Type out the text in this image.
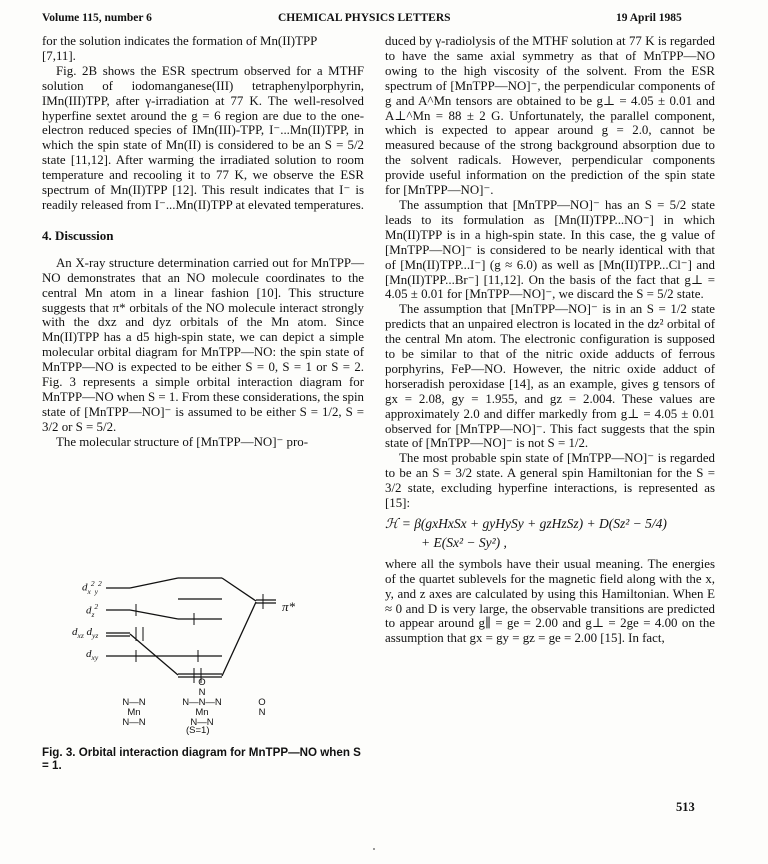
Volume 115, number 6	CHEMICAL PHYSICS LETTERS	19 April 1985

for the solution indicates the formation of Mn(II)TPP

[7,11].

Fig. 2B shows the ESR spectrum observed for a MTHF solution of iodomanganese(III) tetraphenylporphyrin, IMn(III)TPP, after γ-irradiation at 77 K. The well-resolved hyperfine sextet around the g = 6 region are due to the one-electron reduced species of IMn(III)-TPP, I⁻...Mn(II)TPP, in which the spin state of Mn(II) is considered to be an S = 5/2 state [11,12]. After warming the irradiated solution to room temperature and recooling it to 77 K, we observe the ESR spectrum of Mn(II)TPP [12]. This result indicates that I⁻ is readily released from I⁻...Mn(II)TPP at elevated temperatures.

4. Discussion

An X-ray structure determination carried out for MnTPP—NO demonstrates that an NO molecule coordinates to the central Mn atom in a linear fashion [10]. This structure suggests that π* orbitals of the NO molecule interact strongly with the dxz and dyz orbitals of the Mn atom. Since Mn(II)TPP has a d5 high-spin state, we can depict a simple molecular orbital diagram for MnTPP—NO: the spin state of MnTPP—NO is expected to be either S = 0, S = 1 or S = 2. Fig. 3 represents a simple orbital interaction diagram for MnTPP—NO when S = 1. From these considerations, the spin state of [MnTPP—NO]⁻ is assumed to be either S = 1/2, S = 3/2 or S = 5/2.

The molecular structure of [MnTPP—NO]⁻ pro-

$d_x^2_y^2$
$d_z^2$
$d_{xz}$ $d_{yz}$
$d_{xy}$
π*
N—N
Mn
N—N
O
N
N—N—N
Mn
N—N
O
N
(S=1)
Fig. 3. Orbital interaction diagram for MnTPP—NO when S = 1.

duced by γ-radiolysis of the MTHF solution at 77 K is regarded to have the same axial symmetry as that of MnTPP—NO owing to the high viscosity of the solvent. From the ESR spectrum of [MnTPP—NO]⁻, the perpendicular components of g and A^Mn tensors are obtained to be g⊥ = 4.05 ± 0.01 and A⊥^Mn = 88 ± 2 G. Unfortunately, the parallel component, which is expected to appear around g = 2.0, cannot be measured because of the strong background absorption due to the solvent radicals. However, perpendicular components provide useful information on the prediction of the spin state for [MnTPP—NO]⁻.

The assumption that [MnTPP—NO]⁻ has an S = 5/2 state leads to its formulation as [Mn(II)TPP...NO⁻] in which Mn(II)TPP is in a high-spin state. In this case, the g value of [MnTPP—NO]⁻ is considered to be nearly identical with that of [Mn(II)TPP...I⁻] (g ≈ 6.0) as well as [Mn(II)TPP...Cl⁻] and [Mn(II)TPP...Br⁻] [11,12]. On the basis of the fact that g⊥ = 4.05 ± 0.01 for [MnTPP—NO]⁻, we discard the S = 5/2 state.

The assumption that [MnTPP—NO]⁻ is in an S = 1/2 state predicts that an unpaired electron is located in the dz² orbital of the central Mn atom. The electronic configuration is supposed to be similar to that of the nitric oxide adducts of ferrous porphyrins, FeP—NO. However, the nitric oxide adduct of horseradish peroxidase [14], as an example, gives g tensors of gx = 2.08, gy = 1.955, and gz = 2.004. These values are approximately 2.0 and differ markedly from g⊥ = 4.05 ± 0.01 observed for [MnTPP—NO]⁻. This fact suggests that the spin state of [MnTPP—NO]⁻ is not S = 1/2.

The most probable spin state of [MnTPP—NO]⁻ is regarded to be an S = 3/2 state. A general spin Hamiltonian for the S = 3/2 state, excluding hyperfine interactions, is represented as [15]:

ℋ = β(gxHxSx + gyHySy + gzHzSz) + D(Sz² − 5/4)

+ E(Sx² − Sy²) ,

where all the symbols have their usual meaning. The energies of the quartet sublevels for the magnetic field along with the x, y, and z axes are calculated by using this Hamiltonian. When E ≈ 0 and D is very large, the observable transitions are predicted to appear around g∥ = ge = 2.00 and g⊥ = 2ge = 4.00 on the assumption that gx = gy = gz = ge = 2.00 [15]. In fact,

513
